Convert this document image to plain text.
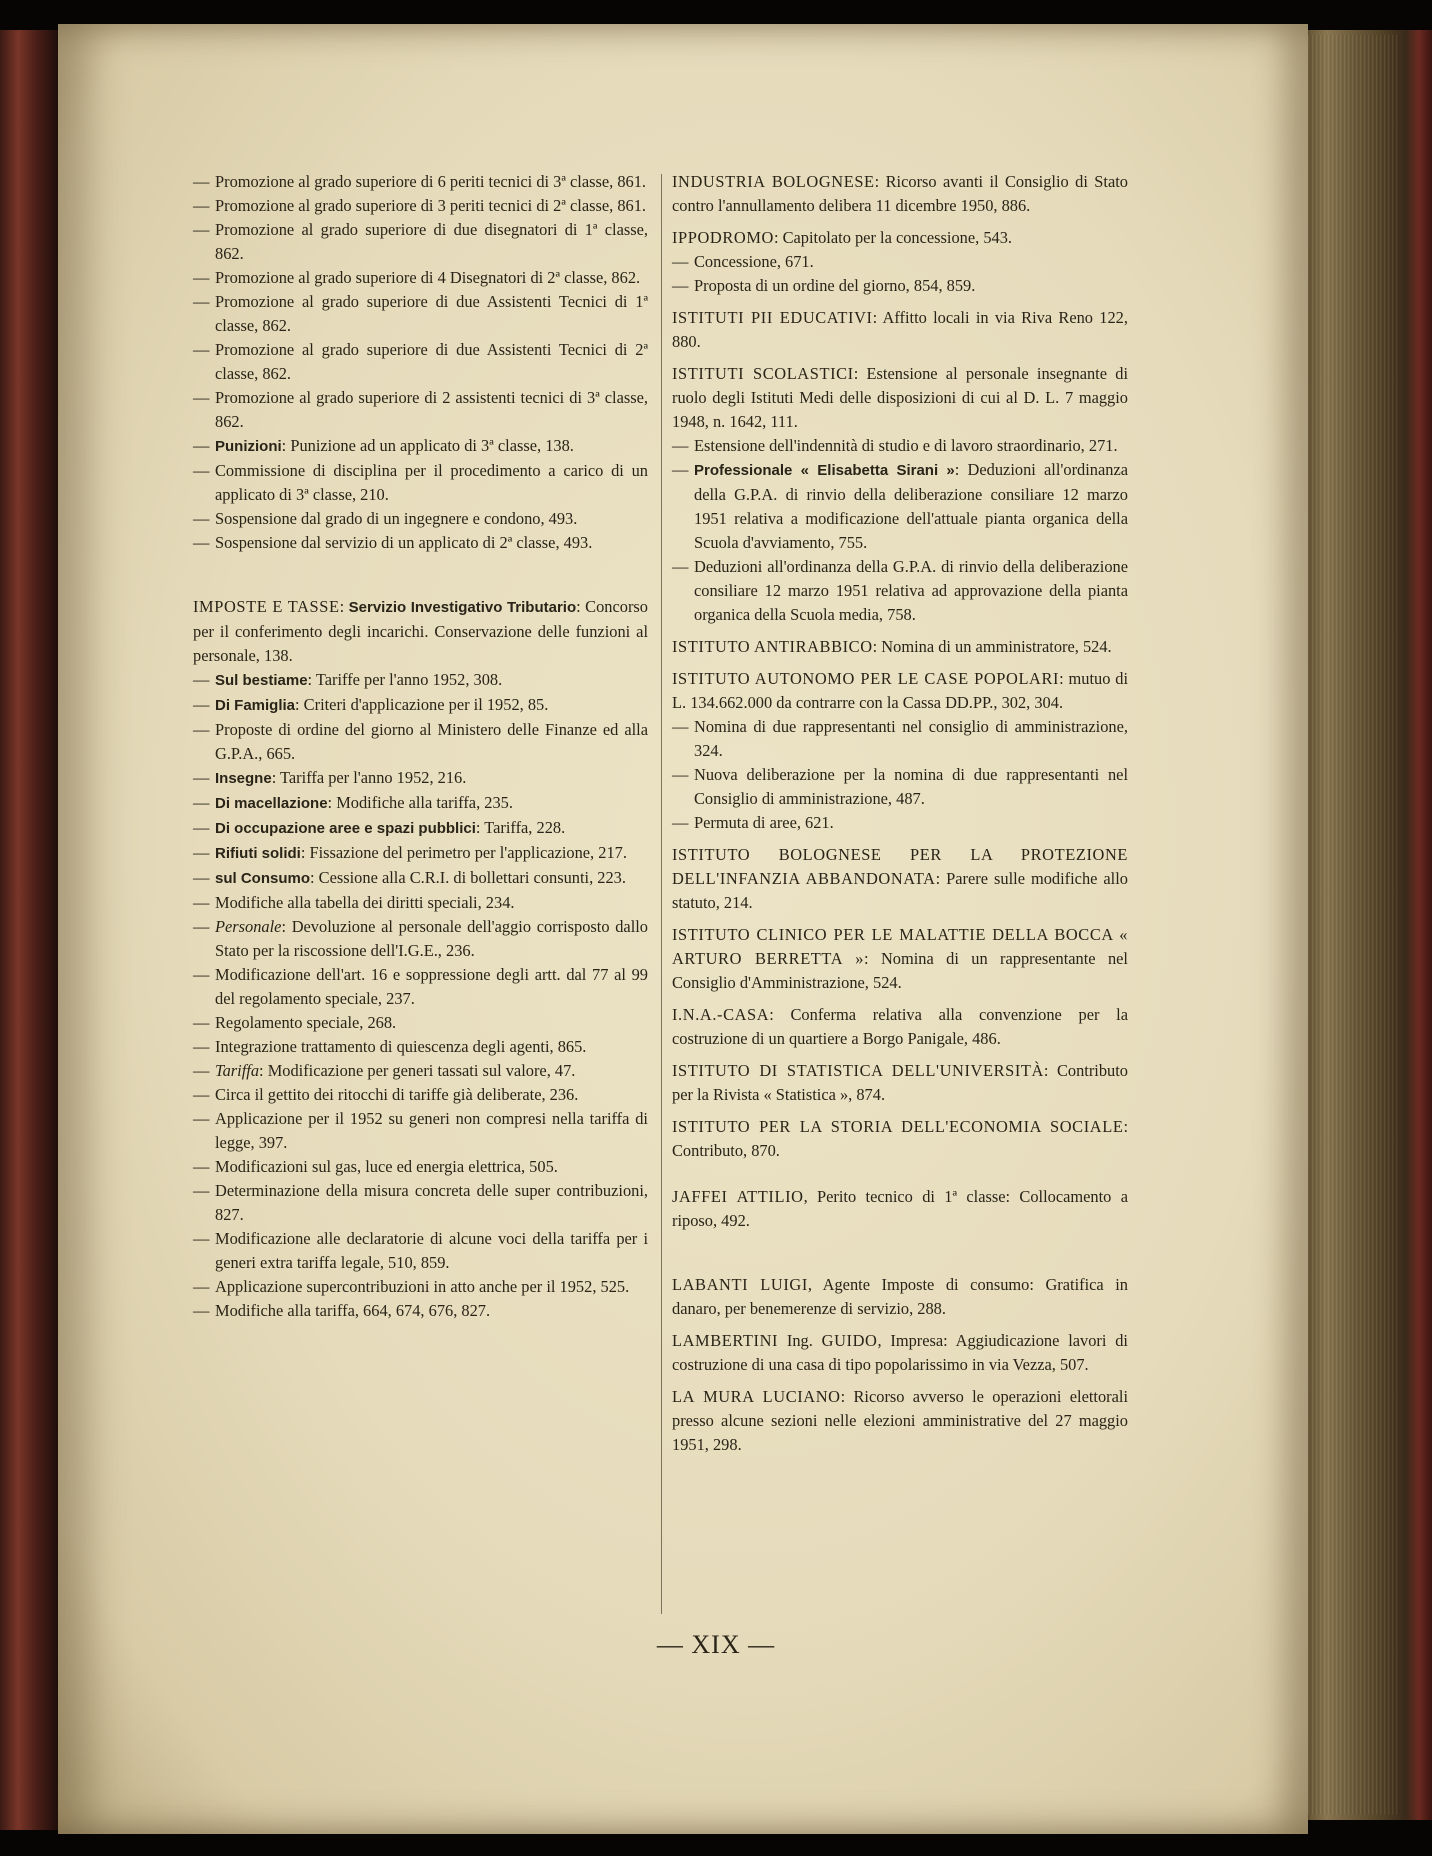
— Promozione al grado superiore di 6 periti tecnici di 3ª classe, 861.

— Promozione al grado superiore di 3 periti tecnici di 2ª classe, 861.

— Promozione al grado superiore di due disegnatori di 1ª classe, 862.

— Promozione al grado superiore di 4 Disegnatori di 2ª classe, 862.

— Promozione al grado superiore di due Assistenti Tecnici di 1ª classe, 862.

— Promozione al grado superiore di due Assistenti Tecnici di 2ª classe, 862.

— Promozione al grado superiore di 2 assistenti tecnici di 3ª classe, 862.

— Punizioni: Punizione ad un applicato di 3ª classe, 138.

— Commissione di disciplina per il procedimento a carico di un applicato di 3ª classe, 210.

— Sospensione dal grado di un ingegnere e condono, 493.

— Sospensione dal servizio di un applicato di 2ª classe, 493.

IMPOSTE E TASSE: Servizio Investigativo Tributario: Concorso per il conferimento degli incarichi. Conservazione delle funzioni al personale, 138.

— Sul bestiame: Tariffe per l'anno 1952, 308.

— Di Famiglia: Criteri d'applicazione per il 1952, 85.

— Proposte di ordine del giorno al Ministero delle Finanze ed alla G.P.A., 665.

— Insegne: Tariffa per l'anno 1952, 216.

— Di macellazione: Modifiche alla tariffa, 235.

— Di occupazione aree e spazi pubblici: Tariffa, 228.

— Rifiuti solidi: Fissazione del perimetro per l'applicazione, 217.

— sul Consumo: Cessione alla C.R.I. di bollettari consunti, 223.

— Modifiche alla tabella dei diritti speciali, 234.

— Personale: Devoluzione al personale dell'aggio corrisposto dallo Stato per la riscossione dell'I.G.E., 236.

— Modificazione dell'art. 16 e soppressione degli artt. dal 77 al 99 del regolamento speciale, 237.

— Regolamento speciale, 268.

— Integrazione trattamento di quiescenza degli agenti, 865.

— Tariffa: Modificazione per generi tassati sul valore, 47.

— Circa il gettito dei ritocchi di tariffe già deliberate, 236.

— Applicazione per il 1952 su generi non compresi nella tariffa di legge, 397.

— Modificazioni sul gas, luce ed energia elettrica, 505.

— Determinazione della misura concreta delle super contribuzioni, 827.

— Modificazione alle declaratorie di alcune voci della tariffa per i generi extra tariffa legale, 510, 859.

— Applicazione supercontribuzioni in atto anche per il 1952, 525.

— Modifiche alla tariffa, 664, 674, 676, 827.

INDUSTRIA BOLOGNESE: Ricorso avanti il Consiglio di Stato contro l'annullamento delibera 11 dicembre 1950, 886.

IPPODROMO: Capitolato per la concessione, 543.

— Concessione, 671.

— Proposta di un ordine del giorno, 854, 859.

ISTITUTI PII EDUCATIVI: Affitto locali in via Riva Reno 122, 880.

ISTITUTI SCOLASTICI: Estensione al personale insegnante di ruolo degli Istituti Medi delle disposizioni di cui al D. L. 7 maggio 1948, n. 1642, 111.

— Estensione dell'indennità di studio e di lavoro straordinario, 271.

— Professionale « Elisabetta Sirani »: Deduzioni all'ordinanza della G.P.A. di rinvio della deliberazione consiliare 12 marzo 1951 relativa a modificazione dell'attuale pianta organica della Scuola d'avviamento, 755.

— Deduzioni all'ordinanza della G.P.A. di rinvio della deliberazione consiliare 12 marzo 1951 relativa ad approvazione della pianta organica della Scuola media, 758.

ISTITUTO ANTIRABBICO: Nomina di un amministratore, 524.

ISTITUTO AUTONOMO PER LE CASE POPOLARI: mutuo di L. 134.662.000 da contrarre con la Cassa DD.PP., 302, 304.

— Nomina di due rappresentanti nel consiglio di amministrazione, 324.

— Nuova deliberazione per la nomina di due rappresentanti nel Consiglio di amministrazione, 487.

— Permuta di aree, 621.

ISTITUTO BOLOGNESE PER LA PROTEZIONE DELL'INFANZIA ABBANDONATA: Parere sulle modifiche allo statuto, 214.

ISTITUTO CLINICO PER LE MALATTIE DELLA BOCCA « ARTURO BERRETTA »: Nomina di un rappresentante nel Consiglio d'Amministrazione, 524.

I.N.A.-CASA: Conferma relativa alla convenzione per la costruzione di un quartiere a Borgo Panigale, 486.

ISTITUTO DI STATISTICA DELL'UNIVERSITÀ: Contributo per la Rivista « Statistica », 874.

ISTITUTO PER LA STORIA DELL'ECONOMIA SOCIALE: Contributo, 870.

JAFFEI ATTILIO, Perito tecnico di 1ª classe: Collocamento a riposo, 492.

LABANTI LUIGI, Agente Imposte di consumo: Gratifica in danaro, per benemerenze di servizio, 288.

LAMBERTINI Ing. GUIDO, Impresa: Aggiudicazione lavori di costruzione di una casa di tipo popolarissimo in via Vezza, 507.

LA MURA LUCIANO: Ricorso avverso le operazioni elettorali presso alcune sezioni nelle elezioni amministrative del 27 maggio 1951, 298.

— XIX —
